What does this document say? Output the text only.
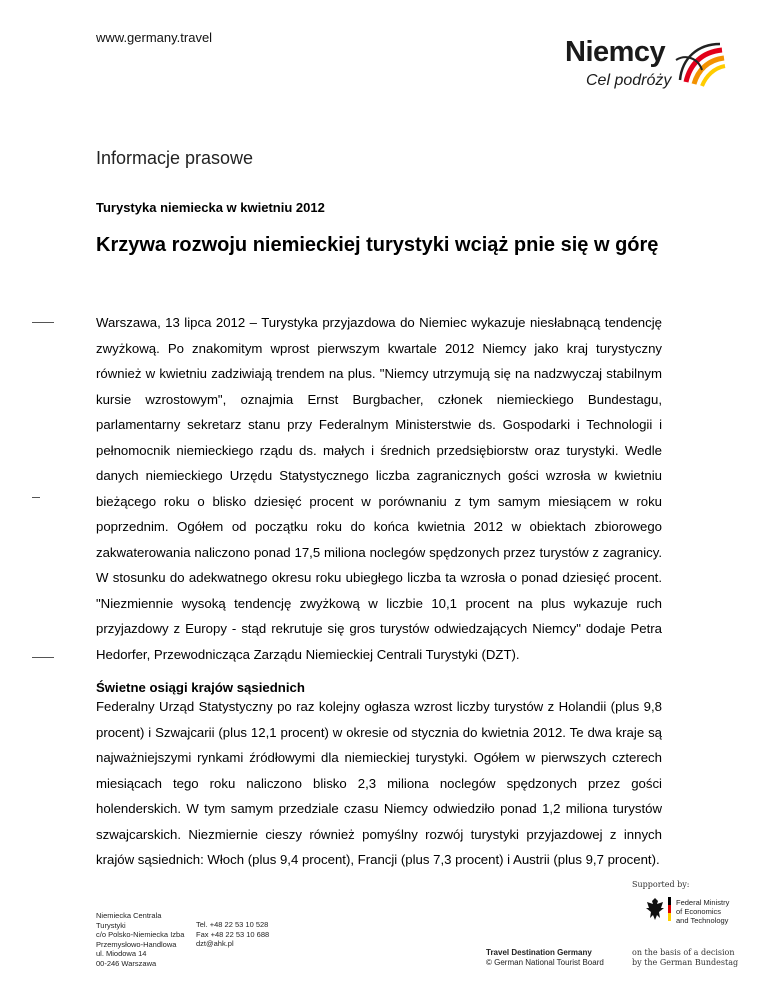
www.germany.travel	Niemcy
Cel podróży
Informacje prasowe
Turystyka niemiecka w kwietniu 2012
Krzywa rozwoju niemieckiej turystyki wciąż pnie się w górę
Warszawa, 13 lipca 2012 – Turystyka przyjazdowa do Niemiec wykazuje niesłabnącą tendencję zwyżkową. Po znakomitym wprost pierwszym kwartale 2012 Niemcy jako kraj turystyczny również w kwietniu zadziwiają trendem na plus. "Niemcy utrzymują się na nadzwyczaj stabilnym kursie wzrostowym", oznajmia Ernst Burgbacher, członek niemieckiego Bundestagu, parlamentarny sekretarz stanu przy Federalnym Ministerstwie ds. Gospodarki i Technologii i pełnomocnik niemieckiego rządu ds. małych i średnich przedsiębiorstw oraz turystyki. Wedle danych niemieckiego Urzędu Statystycznego liczba zagranicznych gości wzrosła w kwietniu bieżącego roku o blisko dziesięć procent w porównaniu z tym samym miesiącem w roku poprzednim. Ogółem od początku roku do końca kwietnia 2012 w obiektach zbiorowego zakwaterowania naliczono ponad 17,5 miliona noclegów spędzonych przez turystów z zagranicy. W stosunku do adekwatnego okresu roku ubiegłego liczba ta wzrosła o ponad dziesięć procent. "Niezmiennie wysoką tendencję zwyżkową w liczbie 10,1 procent na plus wykazuje ruch przyjazdowy z Europy - stąd rekrutuje się gros turystów odwiedzających Niemcy" dodaje Petra Hedorfer, Przewodnicząca Zarządu Niemieckiej Centrali Turystyki (DZT).
Świetne osiągi krajów sąsiednich
Federalny Urząd Statystyczny po raz kolejny ogłasza wzrost liczby turystów z Holandii (plus 9,8 procent) i Szwajcarii (plus 12,1 procent) w okresie od stycznia do kwietnia 2012. Te dwa kraje są najważniejszymi rynkami źródłowymi dla niemieckiej turystyki. Ogółem w pierwszych czterech miesiącach tego roku naliczono blisko 2,3 miliona noclegów spędzonych przez gości holenderskich. W tym samym przedziale czasu Niemcy odwiedziło ponad 1,2 miliona turystów szwajcarskich. Niezmiernie cieszy również pomyślny rozwój turystyki przyjazdowej z innych krajów sąsiednich: Włoch (plus 9,4 procent), Francji (plus 7,3 procent) i Austrii (plus 9,7 procent).
Supported by:
Niemiecka Centrala
Turystyki
c/o Polsko-Niemiecka Izba
Przemysłowo-Handlowa
ul. Miodowa 14
00-246 Warszawa
Tel. +48 22 53 10 528
Fax +48 22 53 10 688
dzt@ahk.pl
Travel Destination Germany
© German National Tourist Board
Federal Ministry
of Economics
and Technology
on the basis of a decision
by the German Bundestag
